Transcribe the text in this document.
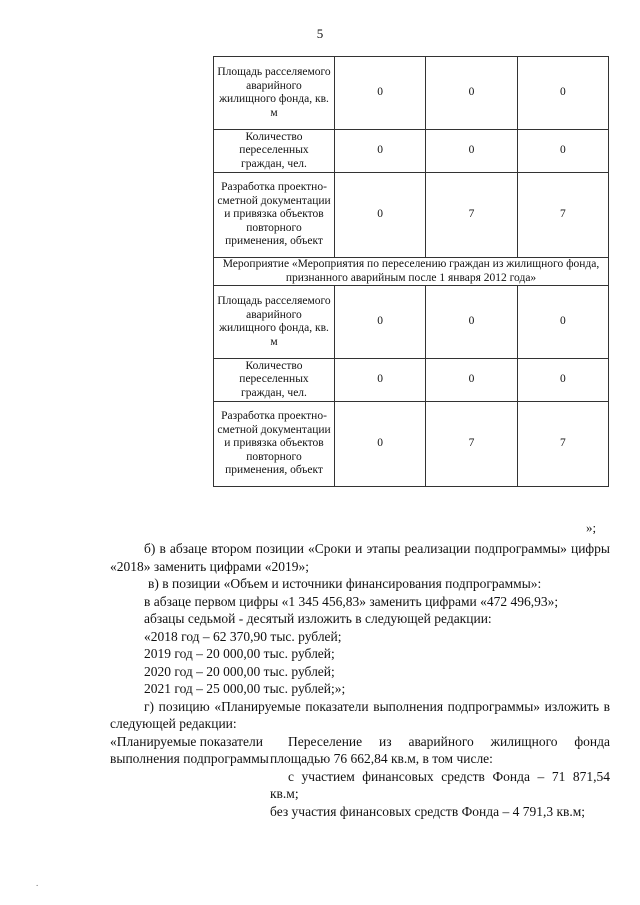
5
Площадь расселяемого аварийного жилищного фонда, кв. м	0	0	0
Количество переселенных граждан, чел.	0	0	0
Разработка проектно-сметной документации и привязка объектов повторного применения, объект	0	7	7
Мероприятие «Мероприятия по переселению граждан из жилищного фонда, признанного аварийным после 1 января 2012 года»			
Площадь расселяемого аварийного жилищного фонда, кв. м	0	0	0
Количество переселенных граждан, чел.	0	0	0
Разработка проектно-сметной документации и привязка объектов повторного применения, объект	0	7	7
»;

б) в абзаце втором позиции «Сроки и этапы реализации подпрограммы» цифры «2018» заменить цифрами «2019»;

в) в позиции «Объем и источники финансирования подпрограммы»:

в абзаце первом цифры «1 345 456,83» заменить цифрами «472 496,93»;

абзацы седьмой - десятый изложить в следующей редакции:

«2018 год – 62 370,90 тыс. рублей;

2019 год – 20 000,00 тыс. рублей;

2020 год – 20 000,00 тыс. рублей;

2021 год – 25 000,00 тыс. рублей;»;

г) позицию «Планируемые показатели выполнения подпрограммы» изложить в следующей редакции:

«Планируемые показатели выполнения подпрограммы

Переселение из аварийного жилищного фонда площадью 76 662,84 кв.м, в том числе:

с участием финансовых средств Фонда – 71 871,54 кв.м;

без участия финансовых средств Фонда – 4 791,3 кв.м;

.
